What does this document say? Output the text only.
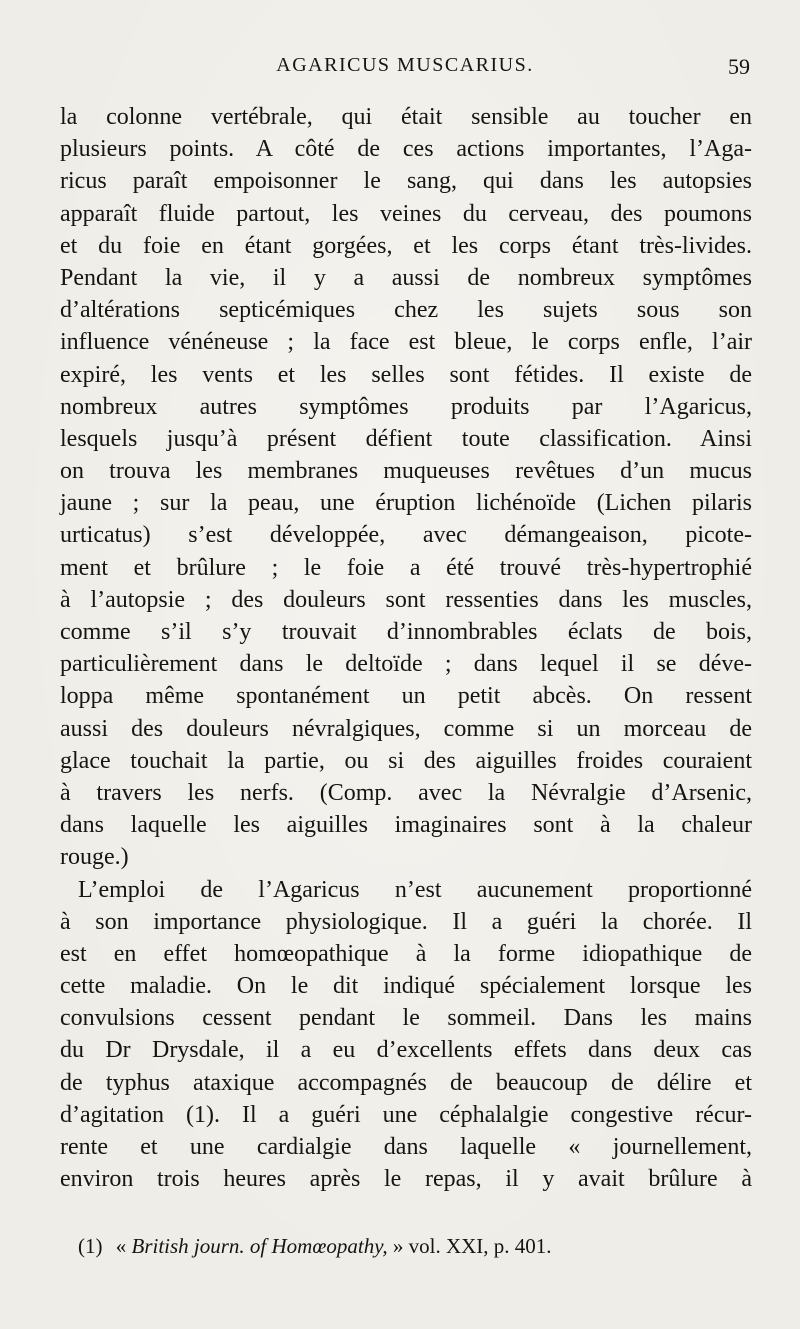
AGARICUS MUSCARIUS.	59
la colonne vertébrale, qui était sensible au toucher en
plusieurs points. A côté de ces actions importantes, l’Aga-
ricus paraît empoisonner le sang, qui dans les autopsies
apparaît fluide partout, les veines du cerveau, des poumons
et du foie en étant gorgées, et les corps étant très-livides.
Pendant la vie, il y a aussi de nombreux symptômes
d’altérations septicémiques chez les sujets sous son
influence vénéneuse ; la face est bleue, le corps enfle, l’air
expiré, les vents et les selles sont fétides. Il existe de
nombreux autres symptômes produits par l’Agaricus,
lesquels jusqu’à présent défient toute classification. Ainsi
on trouva les membranes muqueuses revêtues d’un mucus
jaune ; sur la peau, une éruption lichénoïde (Lichen pilaris
urticatus) s’est développée, avec démangeaison, picote-
ment et brûlure ; le foie a été trouvé très-hypertrophié
à l’autopsie ; des douleurs sont ressenties dans les muscles,
comme s’il s’y trouvait d’innombrables éclats de bois,
particulièrement dans le deltoïde ; dans lequel il se déve-
loppa même spontanément un petit abcès. On ressent
aussi des douleurs névralgiques, comme si un morceau de
glace touchait la partie, ou si des aiguilles froides couraient
à travers les nerfs. (Comp. avec la Névralgie d’Arsenic,
dans laquelle les aiguilles imaginaires sont à la chaleur
rouge.)
L’emploi de l’Agaricus n’est aucunement proportionné
à son importance physiologique. Il a guéri la chorée. Il
est en effet homœopathique à la forme idiopathique de
cette maladie. On le dit indiqué spécialement lorsque les
convulsions cessent pendant le sommeil. Dans les mains
du Dr Drysdale, il a eu d’excellents effets dans deux cas
de typhus ataxique accompagnés de beaucoup de délire et
d’agitation (1). Il a guéri une céphalalgie congestive récur-
rente et une cardialgie dans laquelle « journellement,
environ trois heures après le repas, il y avait brûlure à
(1) « British journ. of Homœopathy, » vol. XXI, p. 401.
